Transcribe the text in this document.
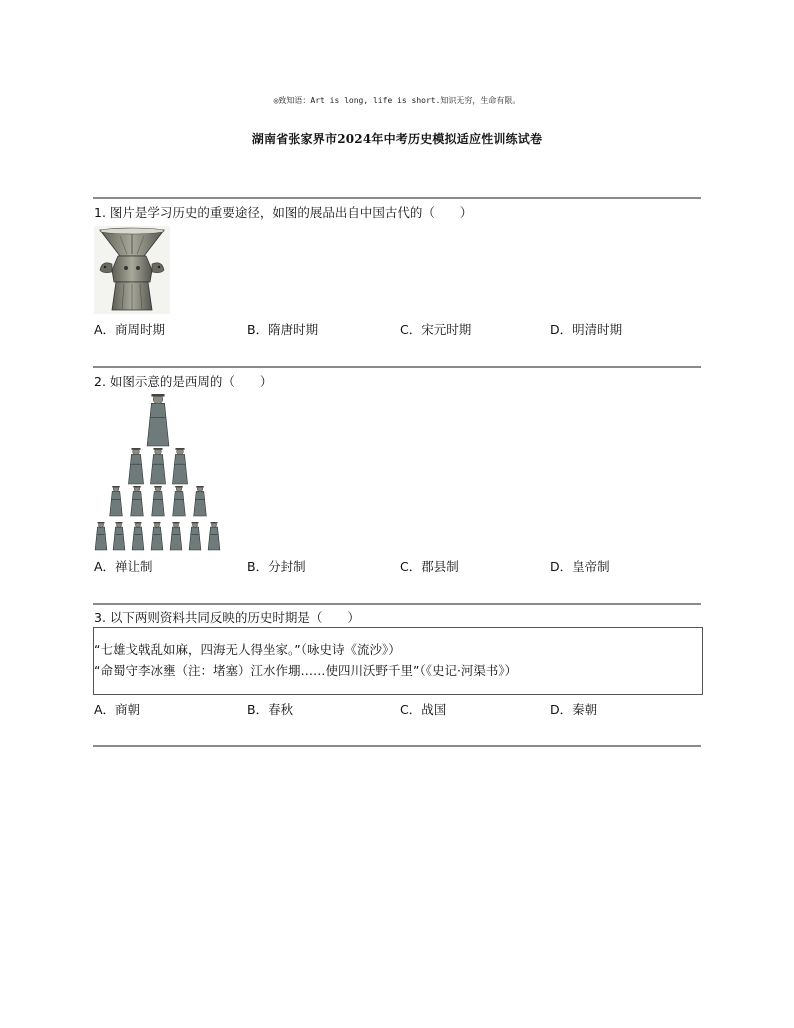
◎致知语：Art is long, life is short.知识无穷，生命有限。
湖南省张家界市2024年中考历史模拟适应性训练试卷
1. 图片是学习历史的重要途径，如图的展品出自中国古代的（　　）
A．商周时期	B．隋唐时期	C．宋元时期	D．明清时期
2. 如图示意的是西周的（　　）
A．禅让制	B．分封制	C．郡县制	D．皇帝制
3. 以下两则资料共同反映的历史时期是（　　）
“七雄戈戟乱如麻，四海无人得坐家。”（咏史诗《流沙》）
“命蜀守李冰壅（注：堵塞）江水作堋……使四川沃野千里”（《史记·河渠书》）
A．商朝	B．春秋	C．战国	D．秦朝
